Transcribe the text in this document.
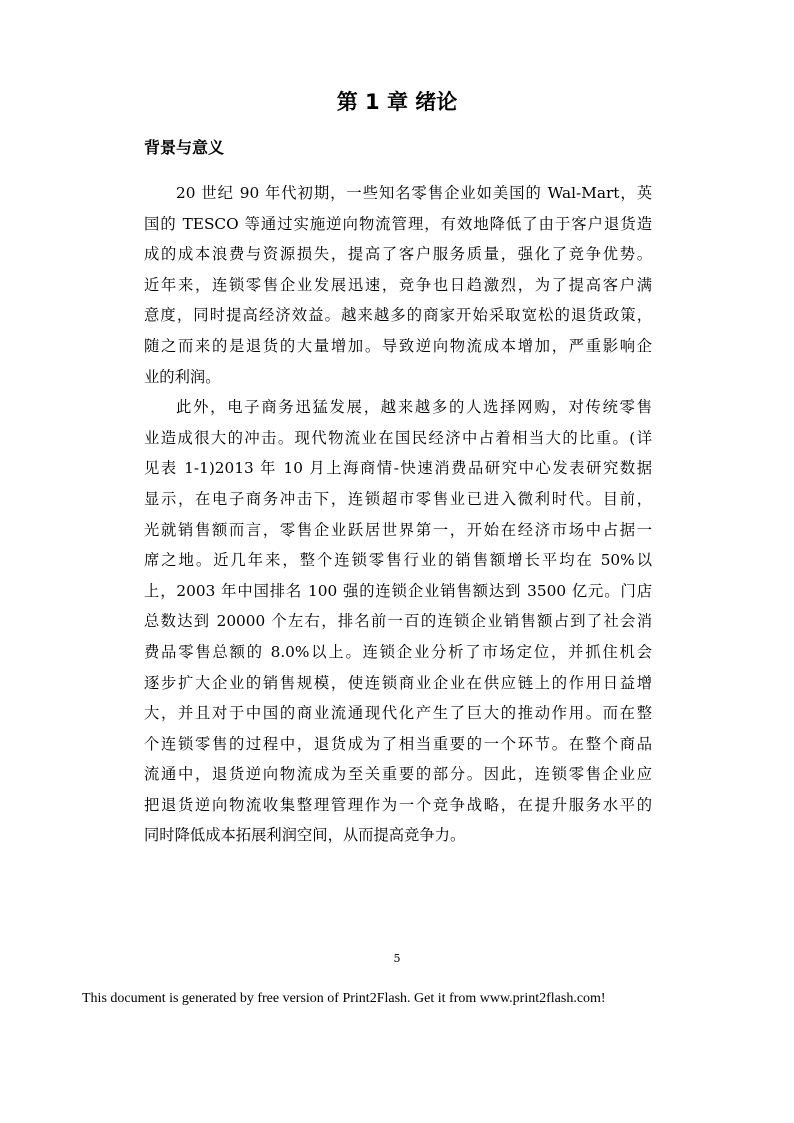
第 1 章 绪论
背景与意义
20 世纪 90 年代初期，一些知名零售企业如美国的 Wal-Mart，英
国的 TESCO 等通过实施逆向物流管理，有效地降低了由于客户退货造
成的成本浪费与资源损失，提高了客户服务质量，强化了竞争优势。
近年来，连锁零售企业发展迅速，竞争也日趋激烈，为了提高客户满
意度，同时提高经济效益。越来越多的商家开始采取宽松的退货政策，
随之而来的是退货的大量增加。导致逆向物流成本增加，严重影响企
业的利润。
此外，电子商务迅猛发展，越来越多的人选择网购，对传统零售
业造成很大的冲击。现代物流业在国民经济中占着相当大的比重。(详
见表 1-1)2013 年 10 月上海商情-快速消费品研究中心发表研究数据
显示，在电子商务冲击下，连锁超市零售业已进入微利时代。目前，
光就销售额而言，零售企业跃居世界第一，开始在经济市场中占据一
席之地。近几年来，整个连锁零售行业的销售额增长平均在 50%以
上，2003 年中国排名 100 强的连锁企业销售额达到 3500 亿元。门店
总数达到 20000 个左右，排名前一百的连锁企业销售额占到了社会消
费品零售总额的 8.0%以上。连锁企业分析了市场定位，并抓住机会
逐步扩大企业的销售规模，使连锁商业企业在供应链上的作用日益增
大，并且对于中国的商业流通现代化产生了巨大的推动作用。而在整
个连锁零售的过程中，退货成为了相当重要的一个环节。在整个商品
流通中，退货逆向物流成为至关重要的部分。因此，连锁零售企业应
把退货逆向物流收集整理管理作为一个竞争战略，在提升服务水平的
同时降低成本拓展利润空间，从而提高竞争力。
5
This document is generated by free version of Print2Flash. Get it from www.print2flash.com!
